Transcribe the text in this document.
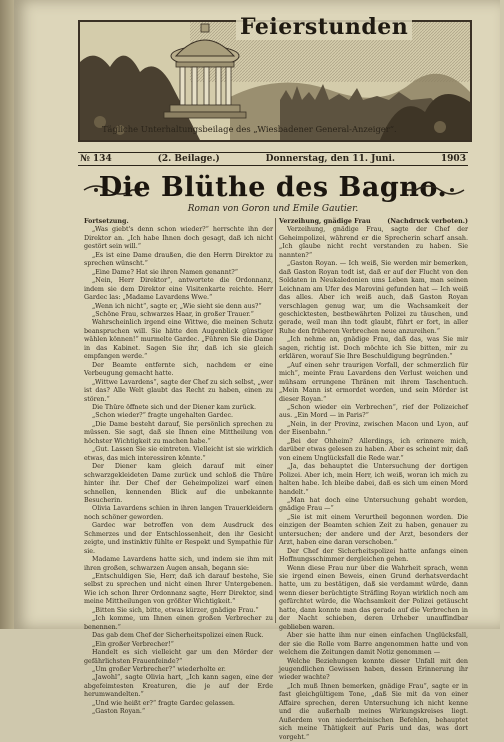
Feierstunden
Tägliche Unterhaltungsbeilage des „Wiesbadener General-Anzeiger“.
№ 134	(2. Beilage.)	Donnerstag, den 11. Juni.	1903
Die Blüthe des Bagno.
Roman von Goron und Emile Gautier.
Fortsetzung.

„Was giebt's denn schon wieder?“ herrschte ihn der Direktor an. „Ich habe Ihnen doch gesagt, daß ich nicht gestört sein will.“

„Es ist eine Dame draußen, die den Herrn Direktor zu sprechen wünscht.“

„Eine Dame? Hat sie ihren Namen genannt?“

„Nein, Herr Direktor“, antwortete die Ordonnanz, indem sie dem Direktor eine Visitenkarte reichte. Herr Gardec las: „Madame Lavardens Wwe.“

„Wenn ich nicht“, sagte er, „Wie sieht sie denn aus?“

„Schöne Frau, schwarzes Haar, in großer Trauer.“

Wahrscheinlich irgend eine Wittwe, die meinen Schutz beanspruchen will. Sie hätte den Augenblick günstiger wählen können!“ murmelte Gardec. „Führen Sie die Dame in das Kabinet. Sagen Sie ihr, daß ich sie gleich empfangen werde.“

Der Beamte entfernte sich, nachdem er eine Verbeugung gemacht hatte.

„Wittwe Lavardens“, sagte der Chef zu sich selbst, „wer ist das? Alle Welt glaubt das Recht zu haben, einen zu stören.“

Die Thüre öffnete sich und der Diener kam zurück.

„Schon wieder?“ fragte ungehalten Gardec.

„Die Dame besteht darauf, Sie persönlich sprechen zu müssen. Sie sagt, daß sie Ihnen eine Mittheilung von höchster Wichtigkeit zu machen habe.“

„Gut. Lassen Sie sie eintreten. Vielleicht ist sie wirklich etwas, das mich interessiren könnte.“

Der Diener kam gleich darauf mit einer schwarzgekleideten Dame zurück und schloß die Thüre hinter ihr. Der Chef der Geheimpolizei warf einen schnellen, kennenden Blick auf die unbekannte Besucherin.

Olivia Lavardens schien in ihren langen Trauerkleidern noch schöner geworden.

Gardec war betroffen von dem Ausdruck des Schmerzes und der Entschlossenheit, den ihr Gesicht zeigte, und instinktiv fühlte er Respekt und Sympathie für sie.

Madame Lavardens hatte sich, und indem sie ihm mit ihren großen, schwarzen Augen ansah, begann sie:

„Entschuldigen Sie, Herr, daß ich darauf bestehe, Sie selbst zu sprechen und nicht einen Ihrer Untergebenen. Wie ich schon Ihrer Ordonnanz sagte, Herr Direktor, sind meine Mittheilungen von größter Wichtigkeit.“

„Bitten Sie sich, bitte, etwas kürzer, gnädige Frau.“

„Ich komme, um Ihnen einen großen Verbrecher zu benennen.“

Das gab dem Chef der Sicherheitspolizei einen Ruck.

„Ein großer Verbrecher!“

Handelt es sich vielleicht gar um den Mörder der gefährlichsten Frauenfeinde?“

„Um großer Verbrecher?“ wiederholte er.

„Jawohl“, sagte Olivia hart, „Ich kann sagen, eine der abgefeimtesten Kreaturen, die je auf der Erde herumwandelten.“

„Und wie heißt er?“ fragte Gardec gelassen.

„Gaston Royan.“

Verzeihung, gnädige Frau	(Nachdruck verboten.)

Verzeihung, gnädige Frau, sagte der Chef der Geheimpolizei, während er die Sprecherin scharf ansah. „Ich glaube nicht recht verstanden zu haben. Sie nannten?“

„Gaston Royan. — Ich weiß, Sie werden mir bemerken, daß Gaston Royan todt ist, daß er auf der Flucht von den Soldaten in Neukaledonien ums Leben kam, man seinen Leichnam am Ufer des Marovini gefunden hat — Ich weiß das alles. Aber ich weiß auch, daß Gaston Royan verschlagen genug war, um die Wachsamkeit der geschicktesten, bestbewährten Polizei zu täuschen, und gerade, weil man ihn todt glaubt, führt er fort, in aller Ruhe den früheren Verbrechen neue anzureihen.“

„Ich nehme an, gnädige Frau, daß das, was Sie mir sagen, richtig ist. Doch möchte ich Sie bitten, mir zu erklären, worauf Sie Ihre Beschuldigung begründen.“

„Auf einen sehr traurigen Vorfall, der schmerzlich für mich“, meinte Frau Lavardens den Verlust weichen und mühsam errungene Thränen mit ihrem Taschentuch. „Mein Mann ist ermordet worden, und sein Mörder ist dieser Royan.“

„Schon wieder ein Verbrechen“, rief der Polizeichef aus. „Ein Mord — in Paris?“

„Nein, in der Provinz, zwischen Macon und Lyon, auf der Eisenbahn.“

„Bei der Ohheim? Allerdings, ich erinnere mich, darüber etwas gelesen zu haben. Aber es scheint mir, daß von einem Unglücksfall die Rede war.“

„Ja, das behauptet die Untersuchung der dortigen Polizei. Aber ich, mein Herr, ich weiß, woran ich mich zu halten habe. Ich bleibe dabei, daß es sich um einen Mord handelt.“

„Man hat doch eine Untersuchung gehabt worden, gnädige Frau —“

„Sie ist mit einem Verurtheil begonnen worden. Die einzigen der Beamten schien Zeit zu haben, genauer zu untersuchen; der andere und der Arzt, besonders der Arzt, haben eine daran verschoben.“

Der Chef der Sicherheitspolizei hatte anfangs einen Hoffnungsschimmer dergleichen gehen.

Wenn diese Frau nur über die Wahrheit sprach, wenn sie irgend einen Beweis, einen Grund derhatsverdacht hatte, um zu bestätigen, daß sie verdammt würde, dann wenn dieser berüchtigte Sträfling Royan wirklich noch am gefürchtet würde, die Wachsamkeit der Polizei getäuscht hatte, dann konnte man das gerade auf die Verbrechen in der Nacht schieben, deren Urheber unauffindbar geblieben waren.

Aber sie hatte ihm nur einen einfachen Unglücksfall, der sie die Rolle vom Barre angenommen hatte und von welchem die Zeitungen damit Notiz genommen —

Welche Beziehungen konnte dieser Unfall mit den jeugendlichen Gewissen haben, dessen Erinnerung ihr wieder wachte?

„Ich muß Ihnen bemerken, gnädige Frau“, sagte er in fast gleichgültigem Tone, „daß Sie mit da von einer Affaire sprechen, deren Untersuchung ich nicht kenne und die außerhalb meines Wirkungskreises liegt. Außerdem von niederrheinischen Befehlen, behauptet sich meine Thätigkeit auf Paris und das, was dort vorgeht.“
